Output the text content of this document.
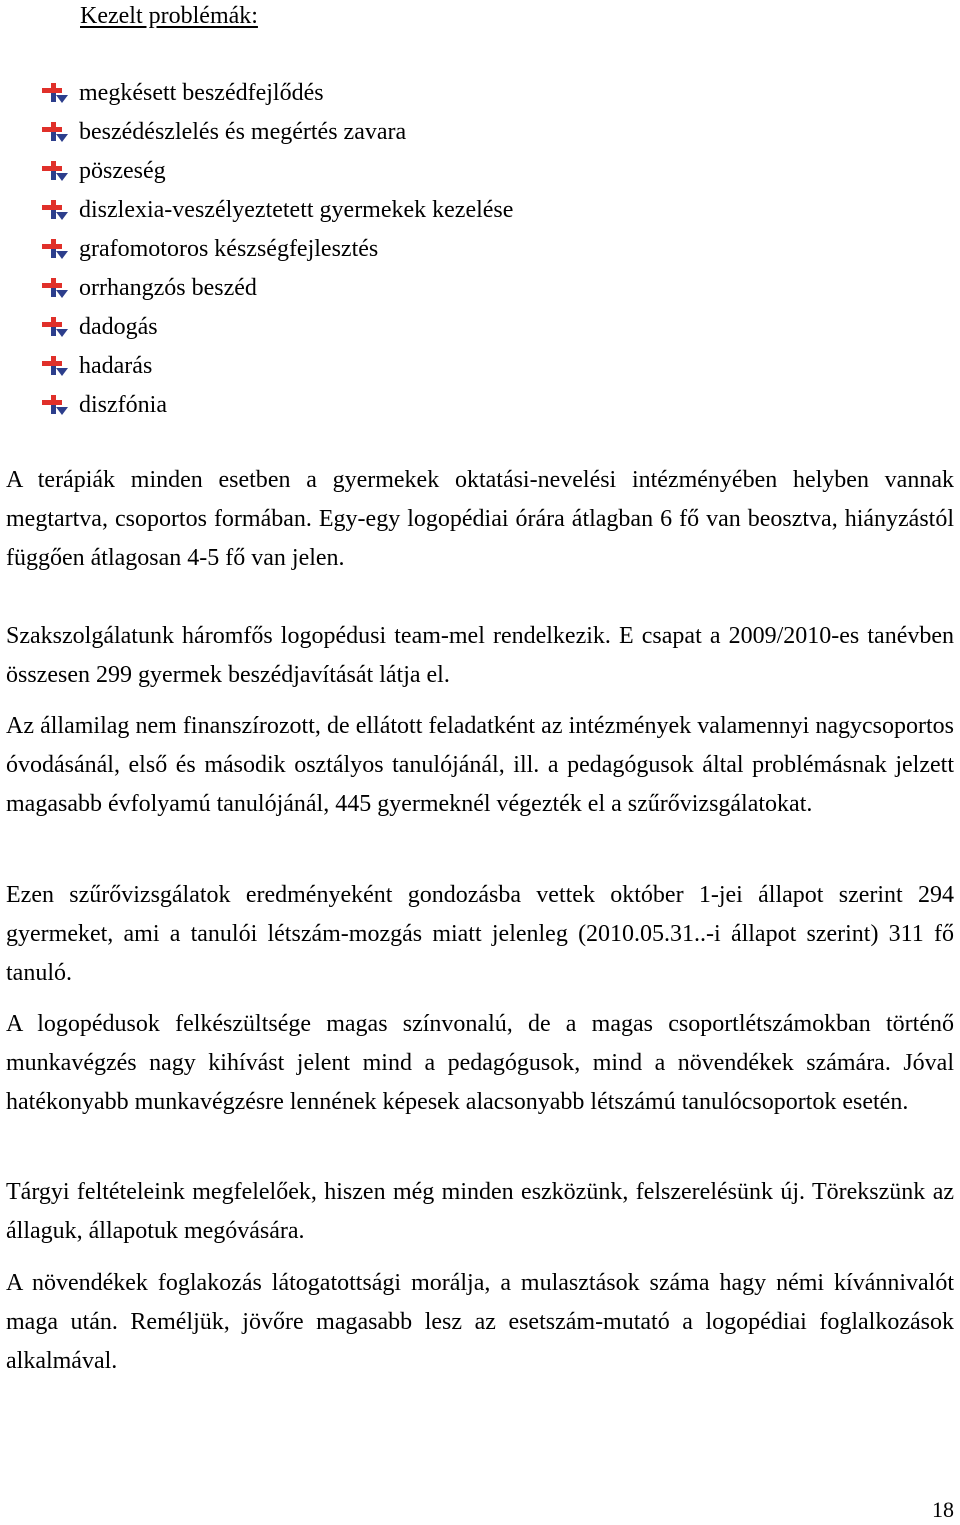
Kezelt problémák:
megkésett beszédfejlődés
beszédészlelés és megértés zavara
pöszeség
diszlexia-veszélyeztetett gyermekek kezelése
grafomotoros készségfejlesztés
orrhangzós beszéd
dadogás
hadarás
diszfónia

A terápiák minden esetben a gyermekek oktatási-nevelési intézményében helyben vannak megtartva, csoportos formában. Egy-egy logopédiai órára átlagban 6 fő van beosztva, hiányzástól függően átlagosan 4-5 fő van jelen.

Szakszolgálatunk háromfős logopédusi team-mel rendelkezik. E csapat a 2009/2010-es tanévben összesen 299 gyermek beszédjavítását látja el.

Az államilag nem finanszírozott, de ellátott feladatként az intézmények valamennyi nagycsoportos óvodásánál, első és második osztályos tanulójánál, ill. a pedagógusok által problémásnak jelzett magasabb évfolyamú tanulójánál, 445 gyermeknél végezték el a szűrővizsgálatokat.

Ezen szűrővizsgálatok eredményeként gondozásba vettek október 1-jei állapot szerint 294 gyermeket, ami a tanulói létszám-mozgás miatt jelenleg (2010.05.31..-i állapot szerint) 311 fő tanuló.

A logopédusok felkészültsége magas színvonalú, de a magas csoportlétszámokban történő munkavégzés nagy kihívást jelent mind a pedagógusok, mind a növendékek számára. Jóval hatékonyabb munkavégzésre lennének képesek alacsonyabb létszámú tanulócsoportok esetén.

Tárgyi feltételeink megfelelőek, hiszen még minden eszközünk, felszerelésünk új. Törekszünk az állaguk, állapotuk megóvására.

A növendékek foglakozás látogatottsági morálja, a mulasztások száma hagy némi kívánnivalót maga után. Reméljük, jövőre magasabb lesz az esetszám-mutató a logopédiai foglalkozások alkalmával.

18
